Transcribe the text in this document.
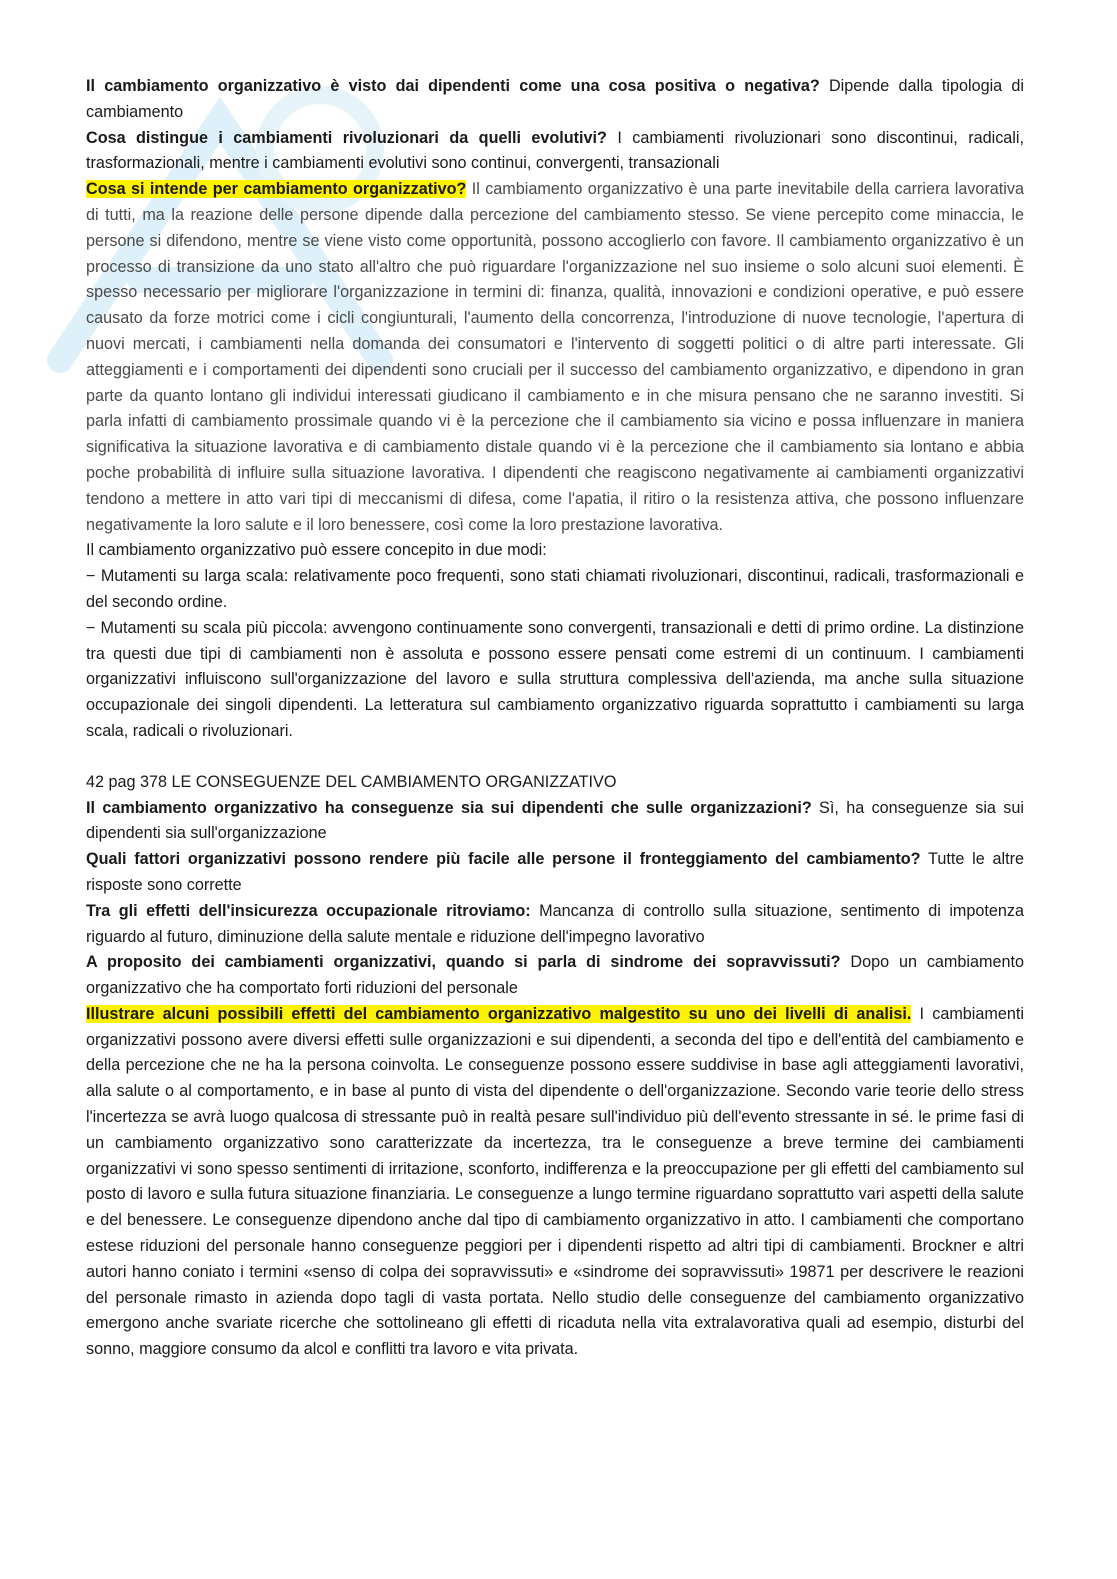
Il cambiamento organizzativo è visto dai dipendenti come una cosa positiva o negativa? Dipende dalla tipologia di cambiamento

Cosa distingue i cambiamenti rivoluzionari da quelli evolutivi? I cambiamenti rivoluzionari sono discontinui, radicali, trasformazionali, mentre i cambiamenti evolutivi sono continui, convergenti, transazionali

Cosa si intende per cambiamento organizzativo? Il cambiamento organizzativo è una parte inevitabile della carriera lavorativa di tutti, ma la reazione delle persone dipende dalla percezione del cambiamento stesso. Se viene percepito come minaccia, le persone si difendono, mentre se viene visto come opportunità, possono accoglierlo con favore. Il cambiamento organizzativo è un processo di transizione da uno stato all'altro che può riguardare l'organizzazione nel suo insieme o solo alcuni suoi elementi. È spesso necessario per migliorare l'organizzazione in termini di: finanza, qualità, innovazioni e condizioni operative, e può essere causato da forze motrici come i cicli congiunturali, l'aumento della concorrenza, l'introduzione di nuove tecnologie, l'apertura di nuovi mercati, i cambiamenti nella domanda dei consumatori e l'intervento di soggetti politici o di altre parti interessate. Gli atteggiamenti e i comportamenti dei dipendenti sono cruciali per il successo del cambiamento organizzativo, e dipendono in gran parte da quanto lontano gli individui interessati giudicano il cambiamento e in che misura pensano che ne saranno investiti. Si parla infatti di cambiamento prossimale quando vi è la percezione che il cambiamento sia vicino e possa influenzare in maniera significativa la situazione lavorativa e di cambiamento distale quando vi è la percezione che il cambiamento sia lontano e abbia poche probabilità di influire sulla situazione lavorativa. I dipendenti che reagiscono negativamente ai cambiamenti organizzativi tendono a mettere in atto vari tipi di meccanismi di difesa, come l'apatia, il ritiro o la resistenza attiva, che possono influenzare negativamente la loro salute e il loro benessere, così come la loro prestazione lavorativa.

Il cambiamento organizzativo può essere concepito in due modi:

− Mutamenti su larga scala: relativamente poco frequenti, sono stati chiamati rivoluzionari, discontinui, radicali, trasformazionali e del secondo ordine.

− Mutamenti su scala più piccola: avvengono continuamente sono convergenti, transazionali e detti di primo ordine. La distinzione tra questi due tipi di cambiamenti non è assoluta e possono essere pensati come estremi di un continuum. I cambiamenti organizzativi influiscono sull'organizzazione del lavoro e sulla struttura complessiva dell'azienda, ma anche sulla situazione occupazionale dei singoli dipendenti. La letteratura sul cambiamento organizzativo riguarda soprattutto i cambiamenti su larga scala, radicali o rivoluzionari.

42 pag 378 LE CONSEGUENZE DEL CAMBIAMENTO ORGANIZZATIVO

Il cambiamento organizzativo ha conseguenze sia sui dipendenti che sulle organizzazioni? Sì, ha conseguenze sia sui dipendenti sia sull'organizzazione

Quali fattori organizzativi possono rendere più facile alle persone il fronteggiamento del cambiamento? Tutte le altre risposte sono corrette

Tra gli effetti dell'insicurezza occupazionale ritroviamo: Mancanza di controllo sulla situazione, sentimento di impotenza riguardo al futuro, diminuzione della salute mentale e riduzione dell'impegno lavorativo

A proposito dei cambiamenti organizzativi, quando si parla di sindrome dei sopravvissuti? Dopo un cambiamento organizzativo che ha comportato forti riduzioni del personale

Illustrare alcuni possibili effetti del cambiamento organizzativo malgestito su uno dei livelli di analisi. I cambiamenti organizzativi possono avere diversi effetti sulle organizzazioni e sui dipendenti, a seconda del tipo e dell'entità del cambiamento e della percezione che ne ha la persona coinvolta. Le conseguenze possono essere suddivise in base agli atteggiamenti lavorativi, alla salute o al comportamento, e in base al punto di vista del dipendente o dell'organizzazione. Secondo varie teorie dello stress l'incertezza se avrà luogo qualcosa di stressante può in realtà pesare sull'individuo più dell'evento stressante in sé. le prime fasi di un cambiamento organizzativo sono caratterizzate da incertezza, tra le conseguenze a breve termine dei cambiamenti organizzativi vi sono spesso sentimenti di irritazione, sconforto, indifferenza e la preoccupazione per gli effetti del cambiamento sul posto di lavoro e sulla futura situazione finanziaria. Le conseguenze a lungo termine riguardano soprattutto vari aspetti della salute e del benessere. Le conseguenze dipendono anche dal tipo di cambiamento organizzativo in atto. I cambiamenti che comportano estese riduzioni del personale hanno conseguenze peggiori per i dipendenti rispetto ad altri tipi di cambiamenti. Brockner e altri autori hanno coniato i termini «senso di colpa dei sopravvissuti» e «sindrome dei sopravvissuti» 19871 per descrivere le reazioni del personale rimasto in azienda dopo tagli di vasta portata. Nello studio delle conseguenze del cambiamento organizzativo emergono anche svariate ricerche che sottolineano gli effetti di ricaduta nella vita extralavorativa quali ad esempio, disturbi del sonno, maggiore consumo da alcol e conflitti tra lavoro e vita privata.
